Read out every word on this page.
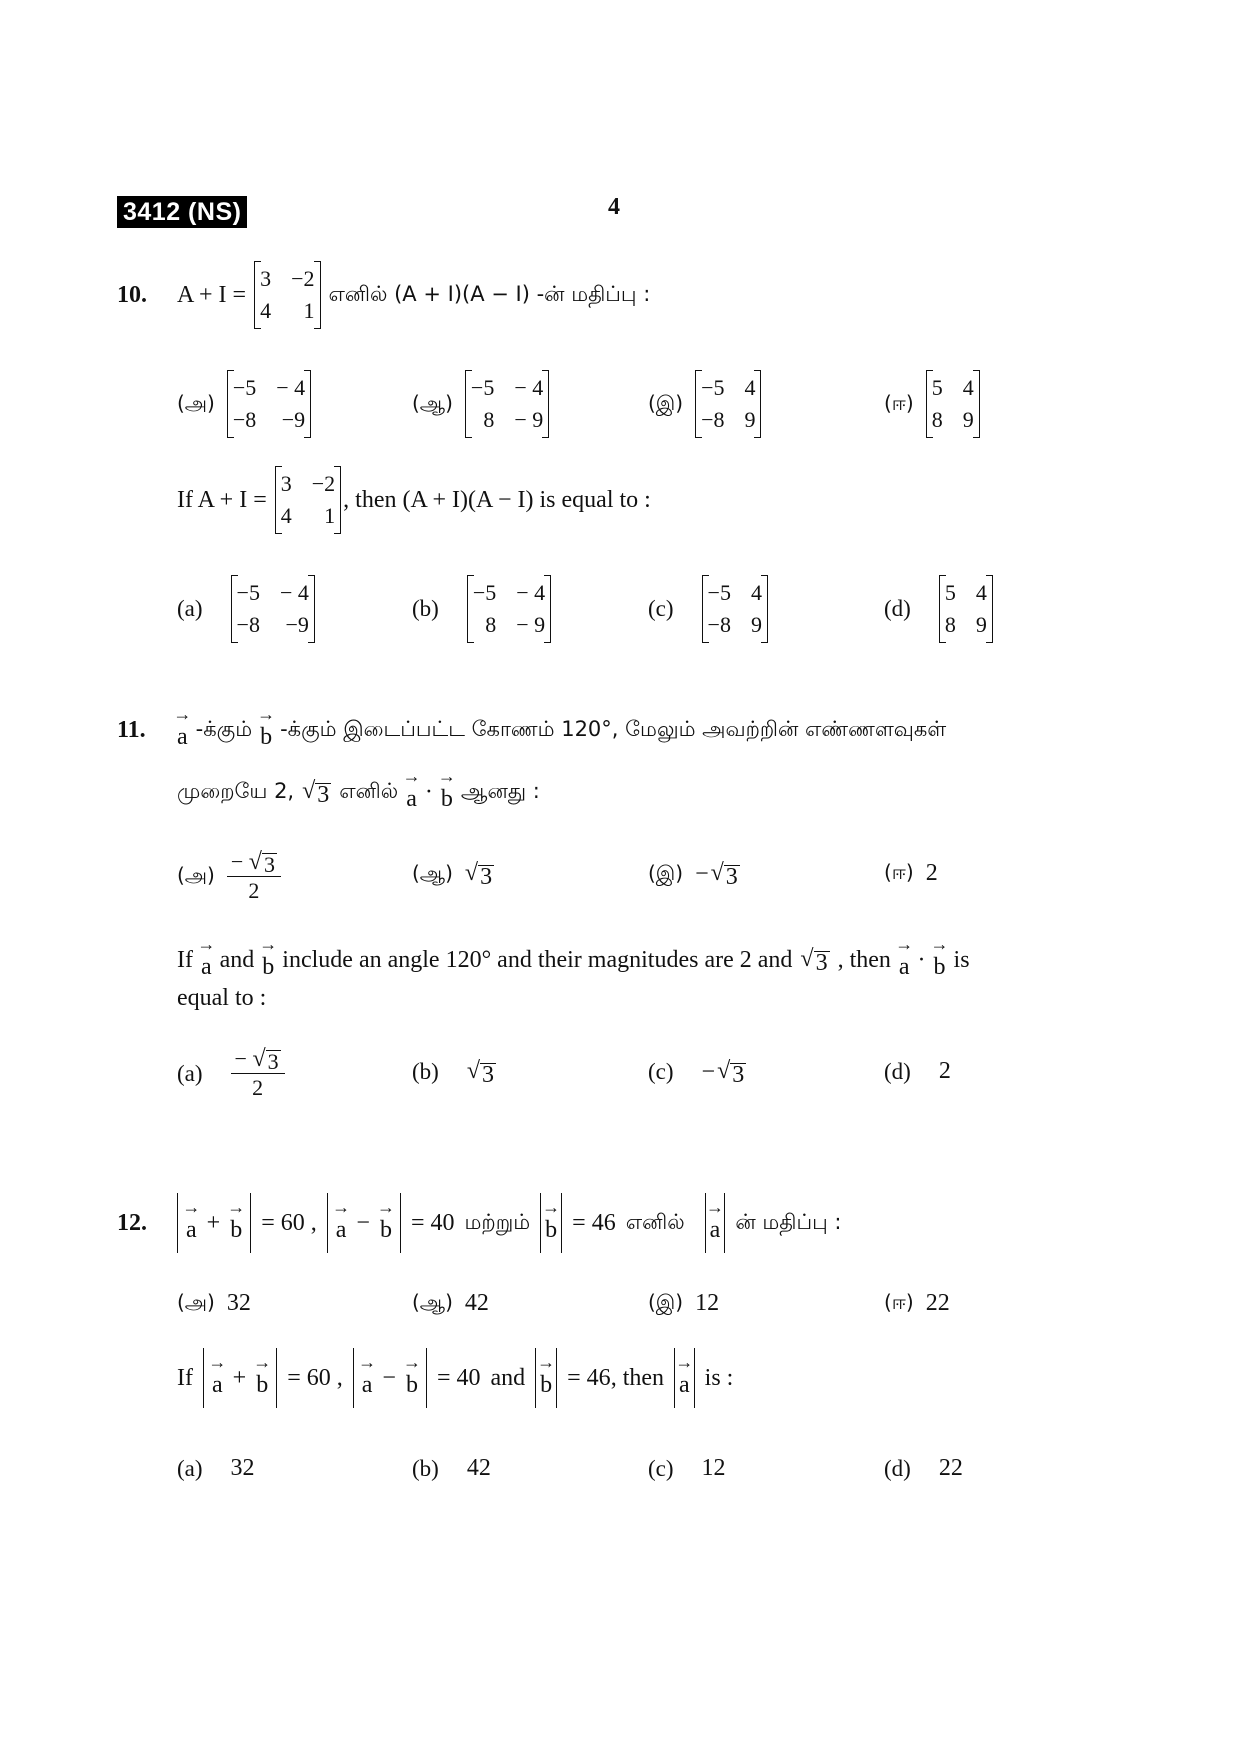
3412 (NS)	4
10. A + I =
3 −2
4	1
எனில் (A + I)(A − I) -ன் மதிப்பு :
(அ)
−5 − 4
−8 −9
(ஆ)
−5 − 4
8 − 9
(இ)
−5 4
−8 9
(ஈ)
5 4
8 9
If A + I =
3 −2
4	1
, then (A + I)(A − I) is equal to :
(a)
−5 − 4
−8 −9
(b)
−5 − 4
8 − 9
(c)
−5 4
−8 9
(d)
5 4
8 9
11. → a -க்கும் → b -க்கும் இடைப்பட்ட கோணம் 120°, மேலும் அவற்றின் எண்ணளவுகள்
முறையே 2, √ 3 எனில் → a · → b ஆனது :
(அ) $\frac{- √ 3}{2}$	(ஆ) √ 3	(இ) − √ 3	(ஈ) 2
If → a and → b include an angle 120° and their magnitudes are 2 and √ 3 , then → a · → b is
equal to :
$(a) \frac{- √ 3}{2}$	(b) √ 3	(c) − √ 3	(d) 2
12. → a + → b = 60 , → a − → b = 40 மற்றும் → b = 46 எனில் → a ன் மதிப்பு :
(அ) 32	(ஆ) 42	(இ) 12	(ஈ) 22
If → a + → b = 60 , → a − → b = 40 and → b = 46 , then → a is :
(a) 32	(b) 42	(c) 12	(d) 22
